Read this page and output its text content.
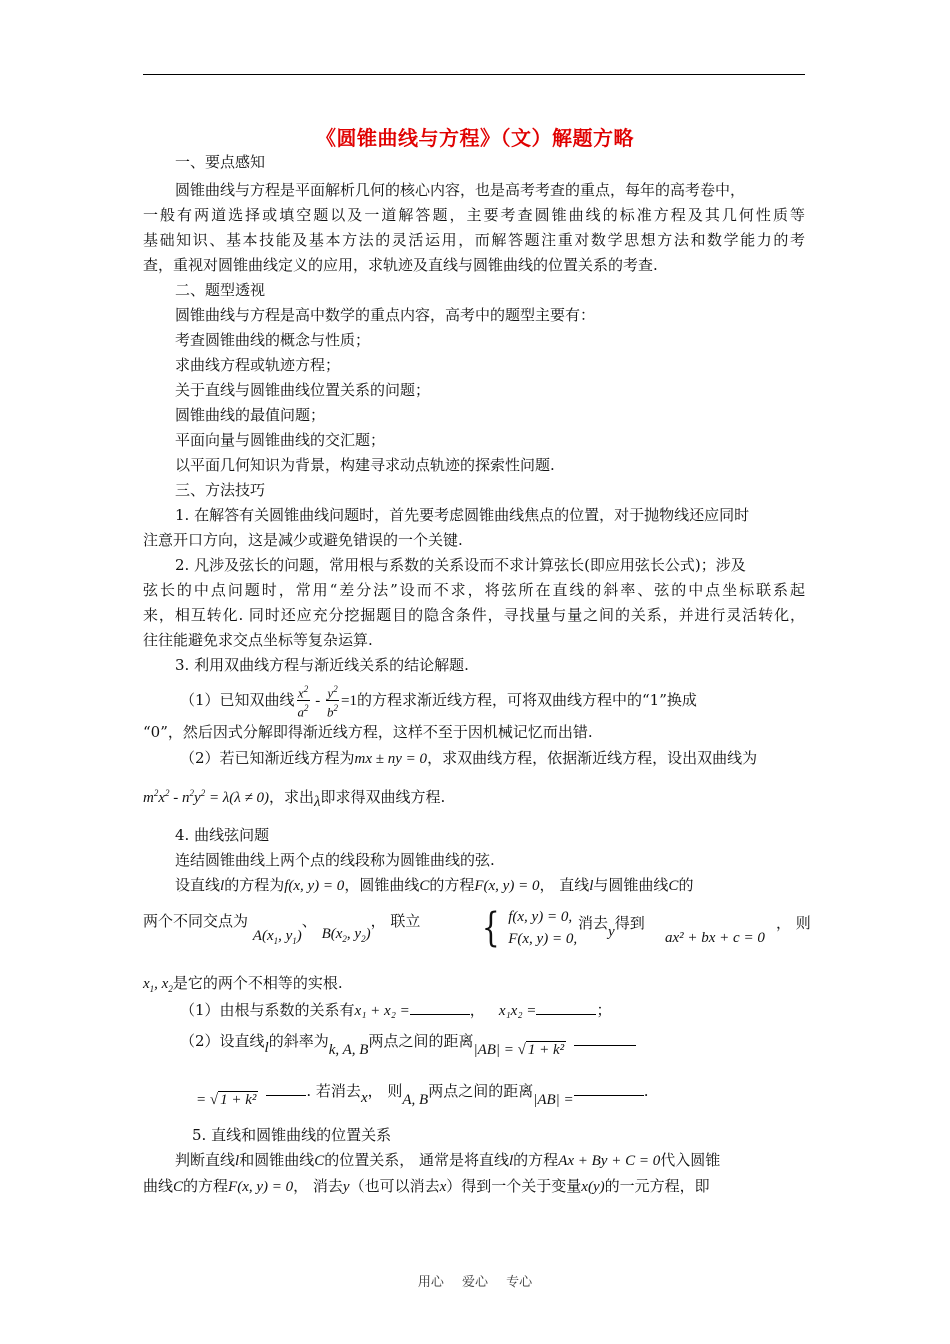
《圆锥曲线与方程》（文）解题方略
一、要点感知
圆锥曲线与方程是平面解析几何的核心内容，也是高考考查的重点，每年的高考卷中，
一般有两道选择或填空题以及一道解答题，主要考查圆锥曲线的标准方程及其几何性质等
基础知识、基本技能及基本方法的灵活运用，而解答题注重对数学思想方法和数学能力的考
查，重视对圆锥曲线定义的应用，求轨迹及直线与圆锥曲线的位置关系的考查.
二、题型透视
圆锥曲线与方程是高中数学的重点内容，高考中的题型主要有：
考查圆锥曲线的概念与性质；
求曲线方程或轨迹方程；
关于直线与圆锥曲线位置关系的问题；
圆锥曲线的最值问题；
平面向量与圆锥曲线的交汇题；
以平面几何知识为背景，构建寻求动点轨迹的探索性问题.
三、方法技巧
1. 在解答有关圆锥曲线问题时，首先要考虑圆锥曲线焦点的位置，对于抛物线还应同时
注意开口方向，这是减少或避免错误的一个关键.
2. 凡涉及弦长的问题，常用根与系数的关系设而不求计算弦长(即应用弦长公式)；涉及
弦长的中点问题时，常用“差分法”设而不求，将弦所在直线的斜率、弦的中点坐标联系起
来，相互转化. 同时还应充分挖掘题目的隐含条件，寻找量与量之间的关系，并进行灵活转化，
往往能避免求交点坐标等复杂运算.
3. 利用双曲线方程与渐近线关系的结论解题.
（1）已知双曲线 $\frac{x^2}{a^2} - \frac{y^2}{b^2} =1$的方程求渐近线方程，可将双曲线方程中的“1”换成
“0”，然后因式分解即得渐近线方程，这样不至于因机械记忆而出错.
（2）若已知渐近线方程为mx ± ny = 0，求双曲线方程，依据渐近线方程，设出双曲线为
$m^2x^2 - n^2y^2 = \lambda(\lambda \ne 0)$，求出λ即求得双曲线方程.
4. 曲线弦问题
连结圆锥曲线上两个点的线段称为圆锥曲线的弦.
设直线l的方程为f(x, y) = 0，圆锥曲线C的方程F(x, y) = 0， 直线l与圆锥曲线C的
两个不同交点为 $A(x_1$, $y_1$)、 $B(x_2$, $y_2$)， 联立 { f(x, y) = 0,
F(x, y) = 0,
消去y得到
ax² + bx + c = 0
， 则
$x_1$, $x_2$是它的两个不相等的实根.
（1）由根与系数的关系有x₁ + x₂ =	， x₁x₂ =	；
（2）设直线l的斜率为k, A, B两点之间的距离|AB| = √ 1 + k²
= √ 1 + k²	. 若消去x， 则A, B两点之间的距离|AB| =	.
5. 直线和圆锥曲线的位置关系
判断直线l和圆锥曲线C的位置关系， 通常是将直线l的方程Ax + By + C = 0代入圆锥
曲线C的方程F(x, y) = 0， 消去y（也可以消去x）得到一个关于变量x(y)的一元方程，即
用心 爱心 专心
